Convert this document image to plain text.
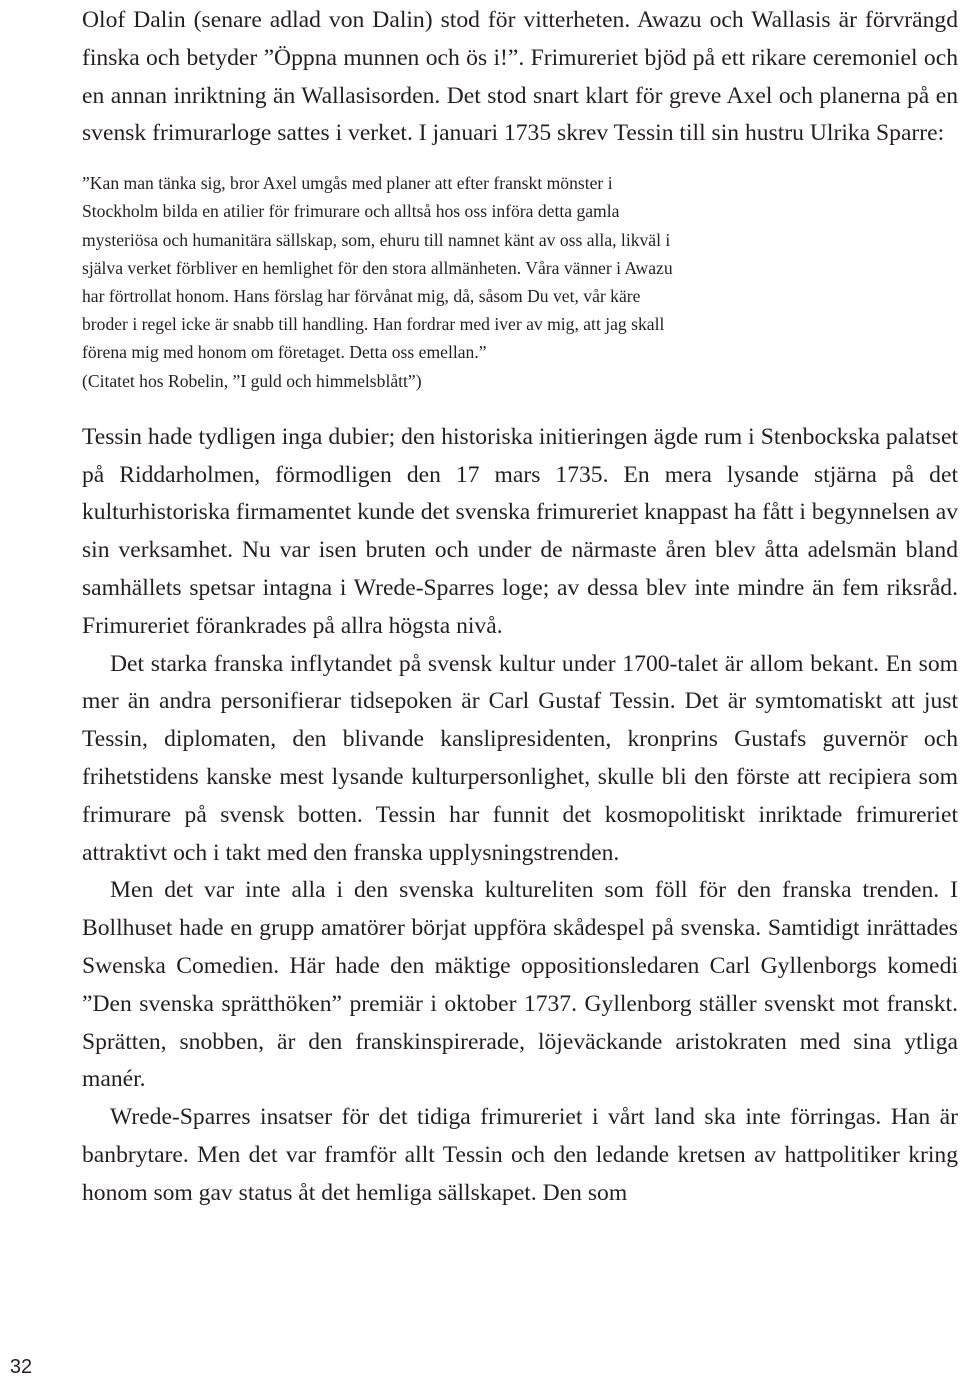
Olof Dalin (senare adlad von Dalin) stod för vitterheten. Awazu och Wallasis är förvrängd finska och betyder ”Öppna munnen och ös i!”. Frimureriet bjöd på ett rikare ceremoniel och en annan inriktning än Wallasisorden. Det stod snart klart för greve Axel och planerna på en svensk frimurarloge sattes i verket. I januari 1735 skrev Tessin till sin hustru Ulrika Sparre:

”Kan man tänka sig, bror Axel umgås med planer att efter franskt mönster i Stockholm bilda en atilier för frimurare och alltså hos oss införa detta gamla mysteriösa och humanitära sällskap, som, ehuru till namnet känt av oss alla, likväl i själva verket förbliver en hemlighet för den stora allmänheten. Våra vänner i Awazu har förtrollat honom. Hans förslag har förvånat mig, då, såsom Du vet, vår käre broder i regel icke är snabb till handling. Han fordrar med iver av mig, att jag skall förena mig med honom om företaget. Detta oss emellan.”

(Citatet hos Robelin, ”I guld och himmelsblått”)

Tessin hade tydligen inga dubier; den historiska initieringen ägde rum i Stenbockska palatset på Riddarholmen, förmodligen den 17 mars 1735. En mera lysande stjärna på det kulturhistoriska firmamentet kunde det svenska frimureriet knappast ha fått i begynnelsen av sin verksamhet. Nu var isen bruten och under de närmaste åren blev åtta adelsmän bland samhällets spetsar intagna i Wrede-Sparres loge; av dessa blev inte mindre än fem riksråd. Frimureriet förankrades på allra högsta nivå.

Det starka franska inflytandet på svensk kultur under 1700-talet är allom bekant. En som mer än andra personifierar tidsepoken är Carl Gustaf Tessin. Det är symtomatiskt att just Tessin, diplomaten, den blivande kanslipresidenten, kronprins Gustafs guvernör och frihetstidens kanske mest lysande kulturpersonlighet, skulle bli den förste att recipiera som frimurare på svensk botten. Tessin har funnit det kosmopolitiskt inriktade frimureriet attraktivt och i takt med den franska upplysningstrenden.

Men det var inte alla i den svenska kultureliten som föll för den franska trenden. I Bollhuset hade en grupp amatörer börjat uppföra skådespel på svenska. Samtidigt inrättades Swenska Comedien. Här hade den mäktige oppositionsledaren Carl Gyllenborgs komedi ”Den svenska sprätthöken” premiär i oktober 1737. Gyllenborg ställer svenskt mot franskt. Sprätten, snobben, är den franskinspirerade, löjeväckande aristokraten med sina ytliga manér.

Wrede-Sparres insatser för det tidiga frimureriet i vårt land ska inte förringas. Han är banbrytare. Men det var framför allt Tessin och den ledande kretsen av hattpolitiker kring honom som gav status åt det hemliga sällskapet. Den som

32
